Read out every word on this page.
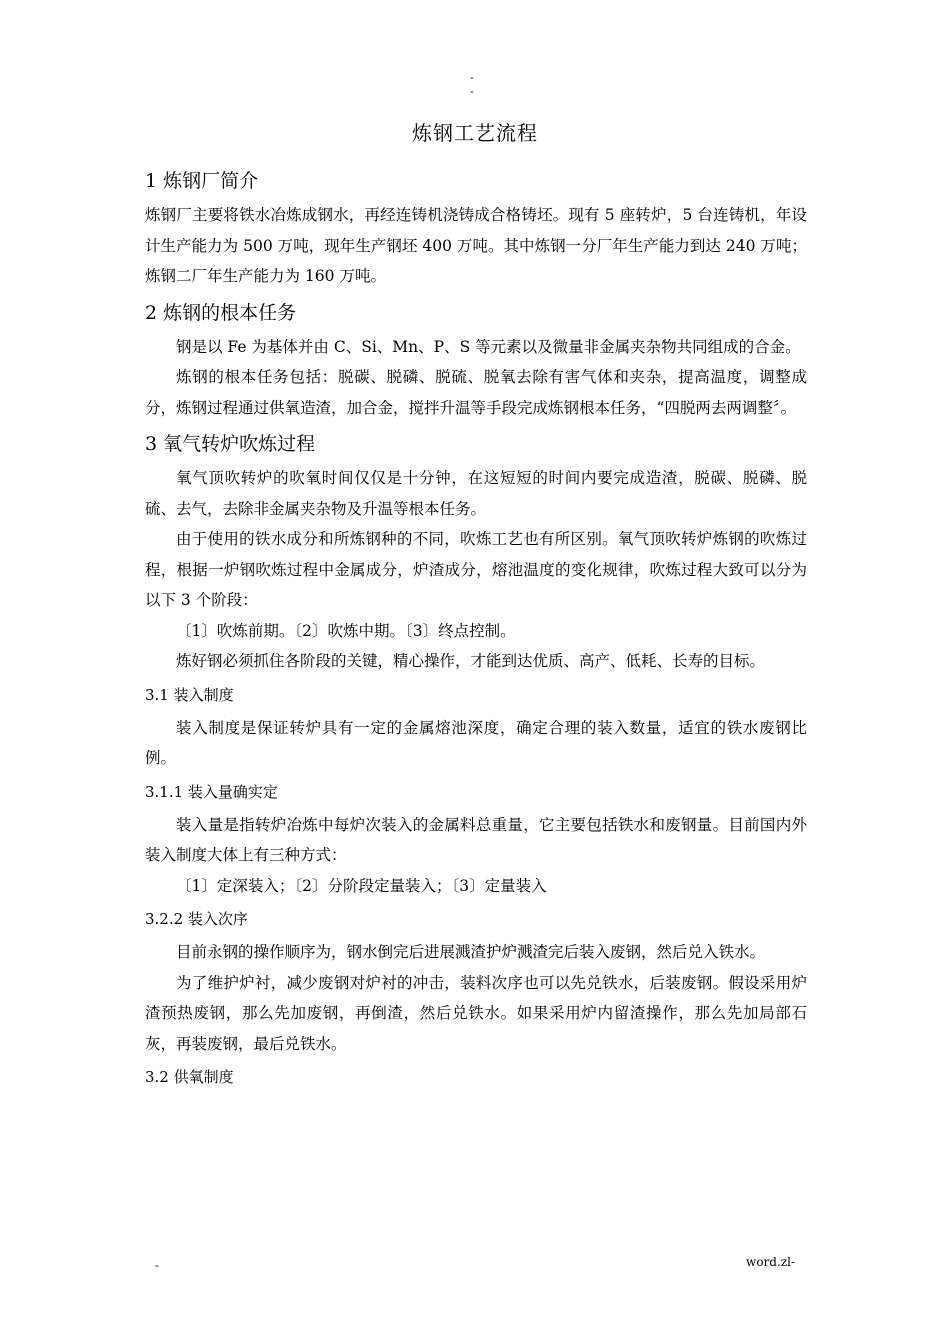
-
-
炼钢工艺流程
1 炼钢厂简介

炼钢厂主要将铁水冶炼成钢水，再经连铸机浇铸成合格铸坯。现有 5 座转炉，5 台连铸机，年设计生产能力为 500 万吨，现年生产钢坯 400 万吨。其中炼钢一分厂年生产能力到达 240 万吨；炼钢二厂年生产能力为 160 万吨。

2 炼钢的根本任务

钢是以 Fe 为基体并由 C、Si、Mn、P、S 等元素以及微量非金属夹杂物共同组成的合金。

炼钢的根本任务包括：脱碳、脱磷、脱硫、脱氧去除有害气体和夹杂，提高温度，调整成分，炼钢过程通过供氧造渣，加合金，搅拌升温等手段完成炼钢根本任务，“四脱两去两调整〞。

3 氧气转炉吹炼过程

氧气顶吹转炉的吹氧时间仅仅是十分钟，在这短短的时间内要完成造渣，脱碳、脱磷、脱硫、去气，去除非金属夹杂物及升温等根本任务。

由于使用的铁水成分和所炼钢种的不同，吹炼工艺也有所区别。氧气顶吹转炉炼钢的吹炼过程，根据一炉钢吹炼过程中金属成分，炉渣成分，熔池温度的变化规律，吹炼过程大致可以分为以下 3 个阶段：

〔1〕吹炼前期。〔2〕吹炼中期。〔3〕终点控制。

炼好钢必须抓住各阶段的关键，精心操作，才能到达优质、高产、低耗、长寿的目标。

3.1 装入制度

装入制度是保证转炉具有一定的金属熔池深度，确定合理的装入数量，适宜的铁水废钢比例。

3.1.1 装入量确实定

装入量是指转炉冶炼中每炉次装入的金属料总重量，它主要包括铁水和废钢量。目前国内外装入制度大体上有三种方式：

〔1〕定深装入；〔2〕分阶段定量装入；〔3〕定量装入

3.2.2 装入次序

目前永钢的操作顺序为，钢水倒完后进展溅渣护炉溅渣完后装入废钢，然后兑入铁水。

为了维护炉衬，减少废钢对炉衬的冲击，装料次序也可以先兑铁水，后装废钢。假设采用炉渣预热废钢，那么先加废钢，再倒渣，然后兑铁水。如果采用炉内留渣操作，那么先加局部石灰，再装废钢，最后兑铁水。

3.2 供氧制度
-	word.zl-
